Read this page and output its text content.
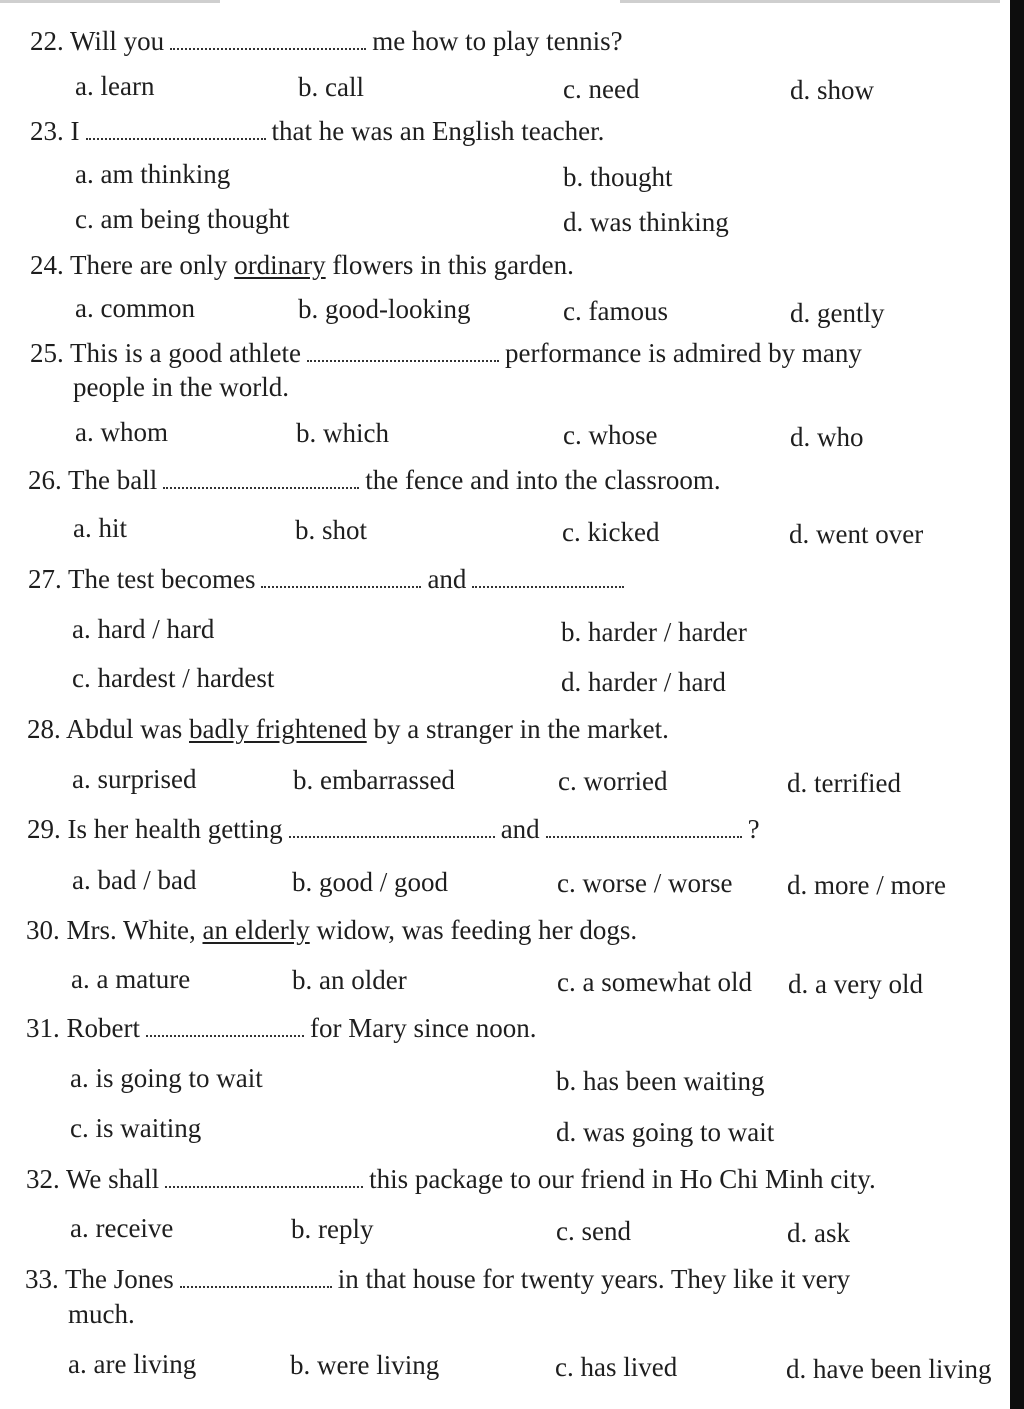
22. Will you	me how to play tennis?
a. learn	b. call	c. need	d. show
23. I	that he was an English teacher.
a. am thinking	b. thought
c. am being thought	d. was thinking
24. There are only ordinary flowers in this garden.
a. common	b. good-looking	c. famous	d. gently
25. This is a good athlete	performance is admired by many
people in the world.
a. whom	b. which	c. whose	d. who
26. The ball	the fence and into the classroom.
a. hit	b. shot	c. kicked	d. went over
27. The test becomes	and
a. hard / hard	b. harder / harder
c. hardest / hardest	d. harder / hard
28. Abdul was badly frightened by a stranger in the market.
a. surprised	b. embarrassed	c. worried	d. terrified
29. Is her health getting	and	?
a. bad / bad	b. good / good	c. worse / worse d. more / more
30. Mrs. White, an elderly widow, was feeding her dogs.
a. a mature	b. an older	c. a somewhat old d. a very old
31. Robert	for Mary since noon.
a. is going to wait	b. has been waiting
c. is waiting	d. was going to wait
32. We shall	this package to our friend in Ho Chi Minh city.
a. receive	b. reply	c. send	d. ask
33. The Jones	in that house for twenty years. They like it very
much.
a. are living	b. were living	c. has lived	d. have been living
